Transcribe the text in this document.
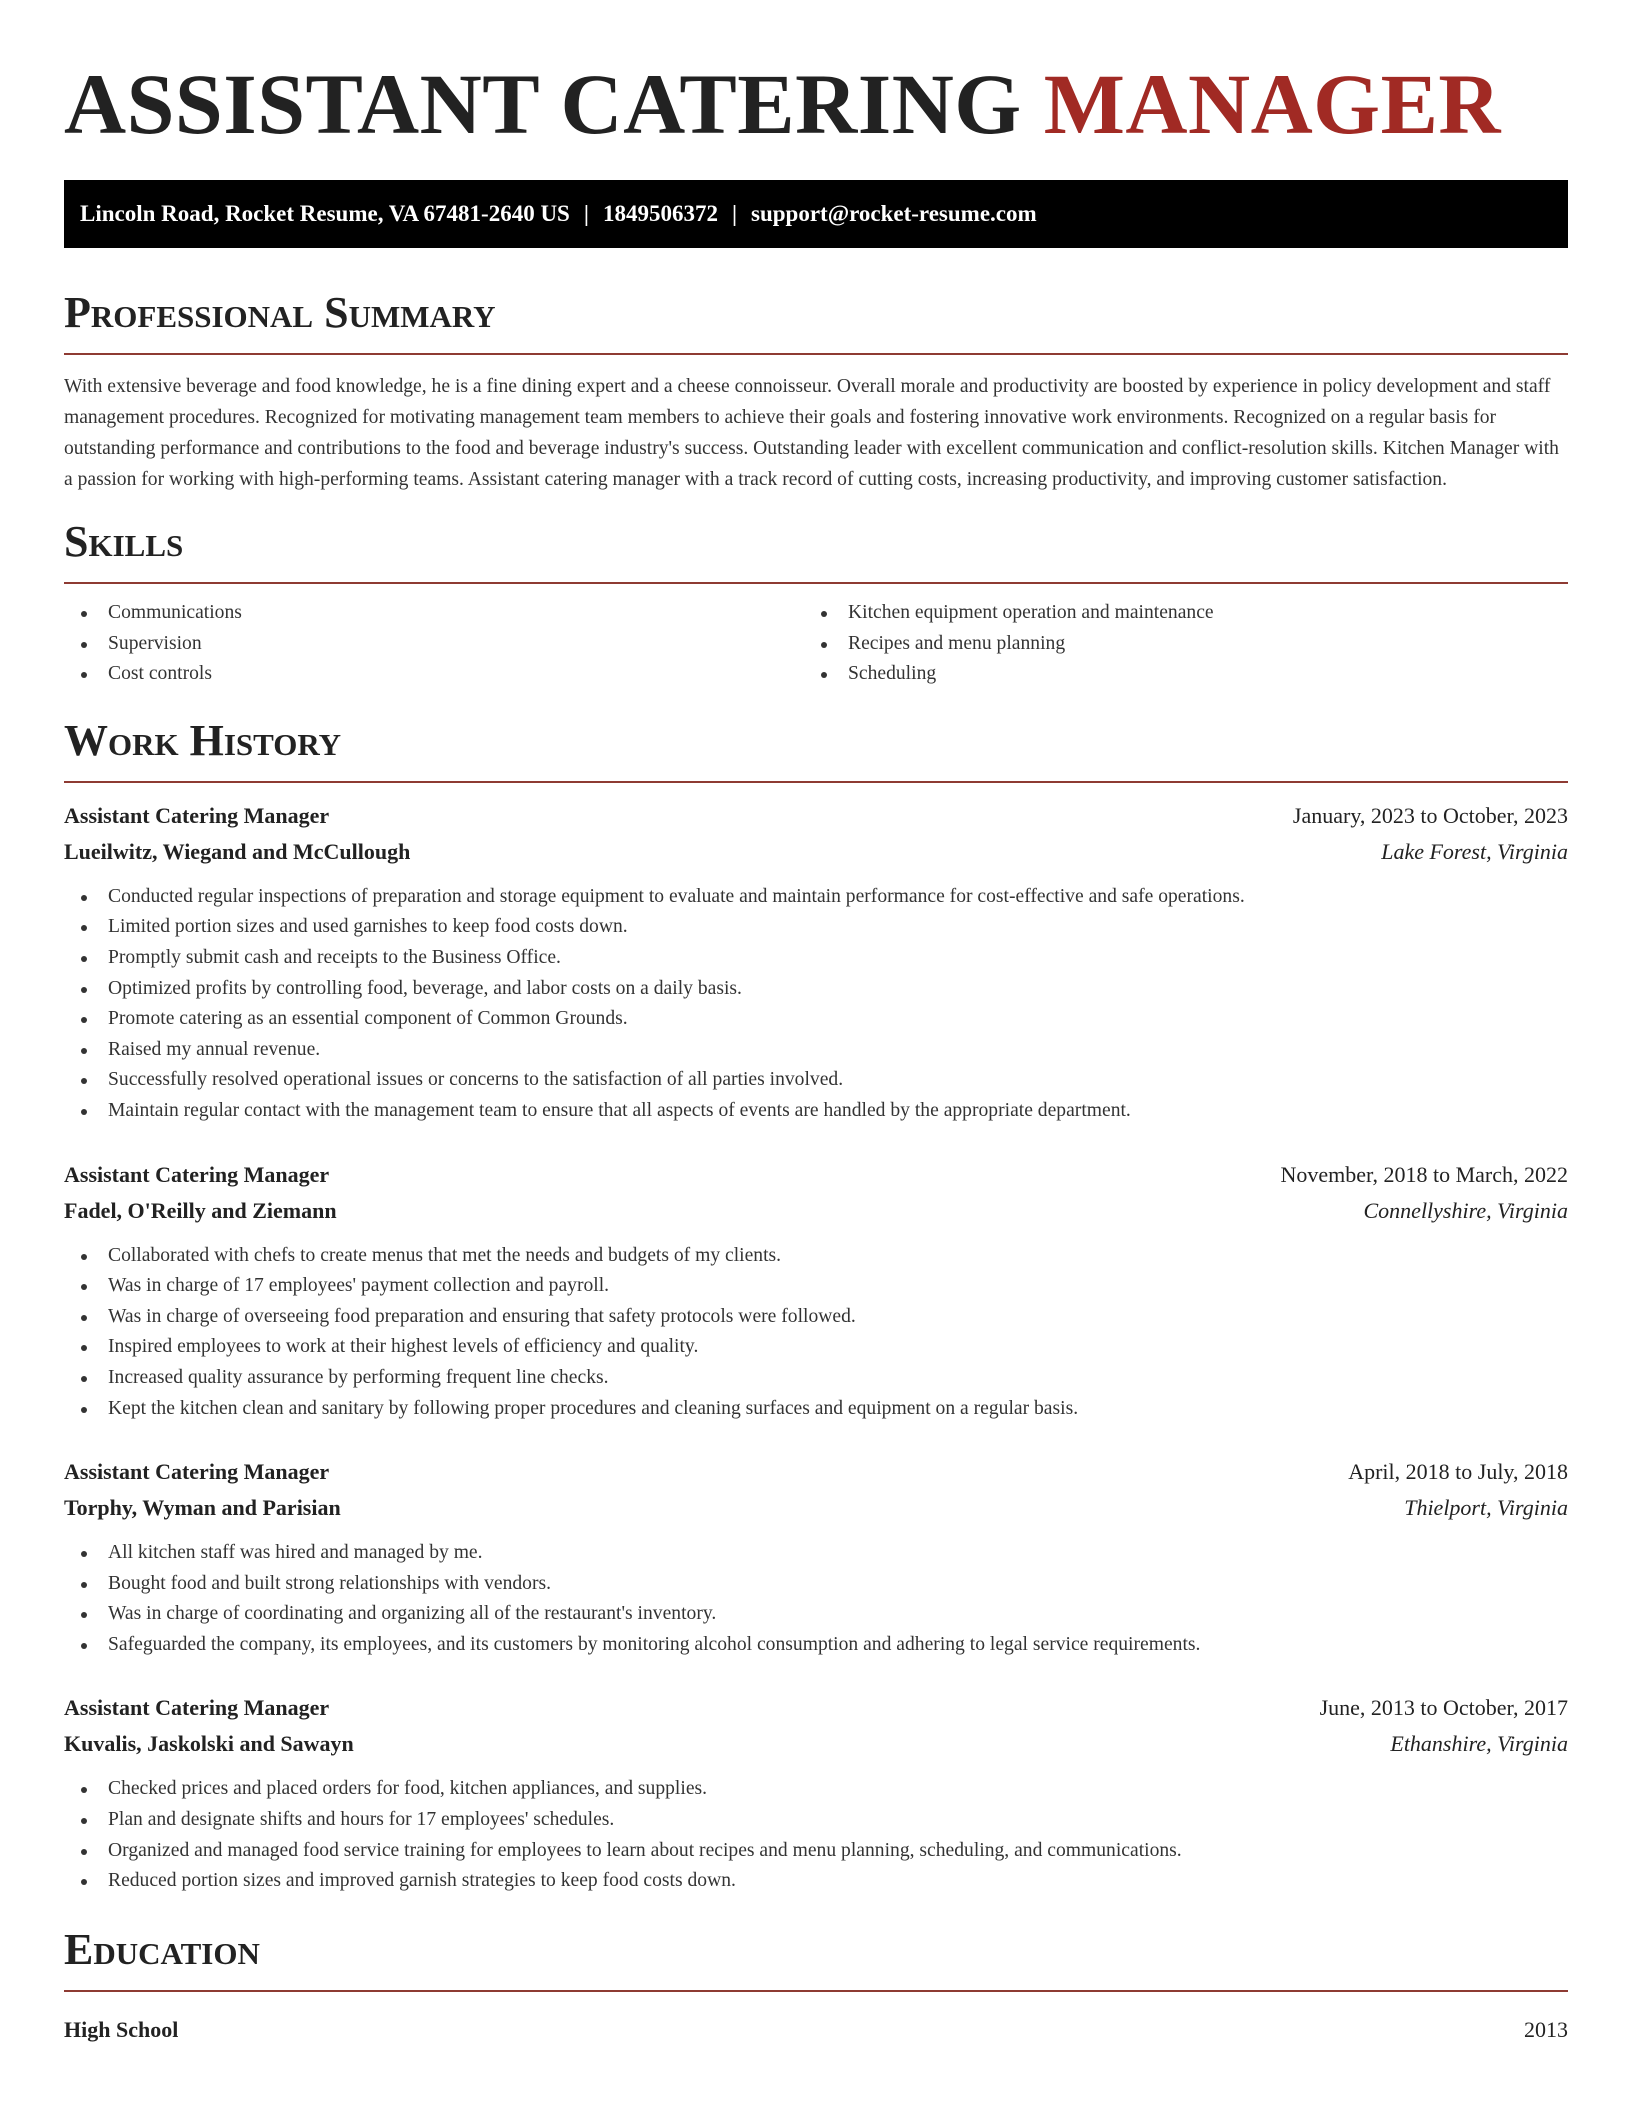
ASSISTANT CATERING MANAGER
Lincoln Road, Rocket Resume, VA 67481-2640 US | 1849506372 | support@rocket-resume.com
Professional Summary

With extensive beverage and food knowledge, he is a fine dining expert and a cheese connoisseur. Overall morale and productivity are boosted by experience in policy development and staff management procedures. Recognized for motivating management team members to achieve their goals and fostering innovative work environments. Recognized on a regular basis for outstanding performance and contributions to the food and beverage industry's success. Outstanding leader with excellent communication and conflict-resolution skills. Kitchen Manager with a passion for working with high-performing teams. Assistant catering manager with a track record of cutting costs, increasing productivity, and improving customer satisfaction.

Skills
Communications
Supervision
Cost controls
Kitchen equipment operation and maintenance
Recipes and menu planning
Scheduling
Work History
Assistant Catering Manager	January, 2023 to October, 2023
Lueilwitz, Wiegand and McCullough	Lake Forest, Virginia
Conducted regular inspections of preparation and storage equipment to evaluate and maintain performance for cost-effective and safe operations.
Limited portion sizes and used garnishes to keep food costs down.
Promptly submit cash and receipts to the Business Office.
Optimized profits by controlling food, beverage, and labor costs on a daily basis.
Promote catering as an essential component of Common Grounds.
Raised my annual revenue.
Successfully resolved operational issues or concerns to the satisfaction of all parties involved.
Maintain regular contact with the management team to ensure that all aspects of events are handled by the appropriate department.
Assistant Catering Manager	November, 2018 to March, 2022
Fadel, O'Reilly and Ziemann	Connellyshire, Virginia
Collaborated with chefs to create menus that met the needs and budgets of my clients.
Was in charge of 17 employees' payment collection and payroll.
Was in charge of overseeing food preparation and ensuring that safety protocols were followed.
Inspired employees to work at their highest levels of efficiency and quality.
Increased quality assurance by performing frequent line checks.
Kept the kitchen clean and sanitary by following proper procedures and cleaning surfaces and equipment on a regular basis.
Assistant Catering Manager	April, 2018 to July, 2018
Torphy, Wyman and Parisian	Thielport, Virginia
All kitchen staff was hired and managed by me.
Bought food and built strong relationships with vendors.
Was in charge of coordinating and organizing all of the restaurant's inventory.
Safeguarded the company, its employees, and its customers by monitoring alcohol consumption and adhering to legal service requirements.
Assistant Catering Manager	June, 2013 to October, 2017
Kuvalis, Jaskolski and Sawayn	Ethanshire, Virginia
Checked prices and placed orders for food, kitchen appliances, and supplies.
Plan and designate shifts and hours for 17 employees' schedules.
Organized and managed food service training for employees to learn about recipes and menu planning, scheduling, and communications.
Reduced portion sizes and improved garnish strategies to keep food costs down.
Education
High School	2013
